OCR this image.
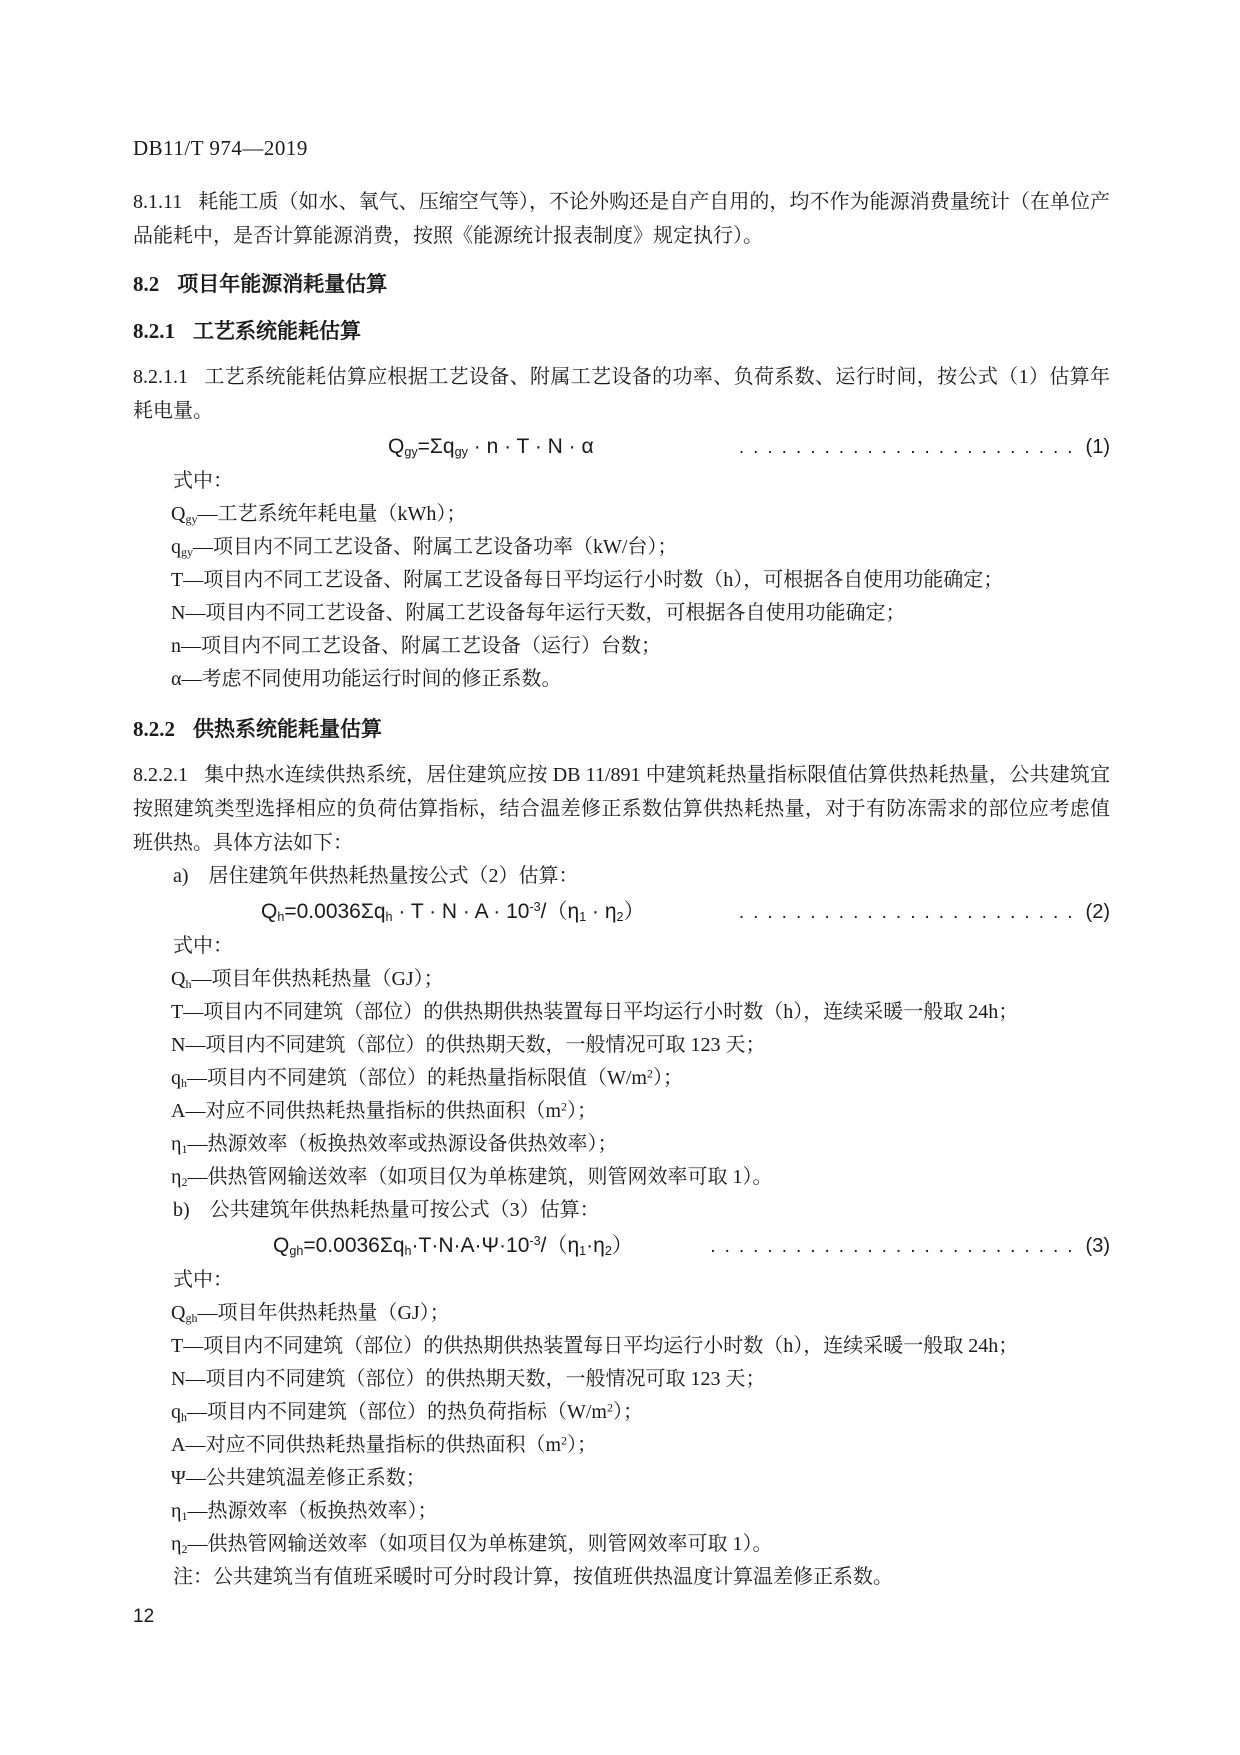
DB11/T 974—2019

8.1.11 耗能工质（如水、氧气、压缩空气等），不论外购还是自产自用的，均不作为能源消费量统计（在单位产品能耗中，是否计算能源消费，按照《能源统计报表制度》规定执行）。

8.2 项目年能源消耗量估算
8.2.1 工艺系统能耗估算

8.2.1.1 工艺系统能耗估算应根据工艺设备、附属工艺设备的功率、负荷系数、运行时间，按公式（1）估算年耗电量。

$Q_{gy}=\Sigma q_{gy} \cdot n \cdot T \cdot N \cdot \alpha$	........................ (1)
式中：
$Q_{gy}—$工艺系统年耗电量（kWh）；
$q_{gy}—$项目内不同工艺设备、附属工艺设备功率（kW/台）；
T—项目内不同工艺设备、附属工艺设备每日平均运行小时数（h），可根据各自使用功能确定；
N—项目内不同工艺设备、附属工艺设备每年运行天数，可根据各自使用功能确定；
n—项目内不同工艺设备、附属工艺设备（运行）台数；
α—考虑不同使用功能运行时间的修正系数。
8.2.2 供热系统能耗量估算

8.2.2.1 集中热水连续供热系统，居住建筑应按 DB 11/891 中建筑耗热量指标限值估算供热耗热量，公共建筑宜按照建筑类型选择相应的负荷估算指标，结合温差修正系数估算供热耗热量，对于有防冻需求的部位应考虑值班供热。具体方法如下：

a)　居住建筑年供热耗热量按公式（2）估算：
$Q_h=0.0036\Sigma q_h \cdot T \cdot N \cdot A \cdot 10^{-3}/(\eta_1 \cdot \eta_2)$	........................ (2)
式中：
$Q_h—$项目年供热耗热量（GJ）；
T—项目内不同建筑（部位）的供热期供热装置每日平均运行小时数（h），连续采暖一般取 24h；
N—项目内不同建筑（部位）的供热期天数，一般情况可取 123 天；
$q_h—$项目内不同建筑（部位）的耗热量指标限值$(W/m^2)$；
A—对应不同供热耗热量指标的供热面积$(m^2)$；
$\eta_1—$热源效率（板换热效率或热源设备供热效率）；
$\eta_2—$供热管网输送效率（如项目仅为单栋建筑，则管网效率可取 1）。
b)　公共建筑年供热耗热量可按公式（3）估算：
$Q_{gh}=0.0036\Sigma q_h\cdot T\cdot N\cdot A\cdot\Psi\cdot 10^{-3}/(\eta_1\cdot\eta_2)$	.......................... (3)
式中：
$Q_{gh}—$项目年供热耗热量（GJ）；
T—项目内不同建筑（部位）的供热期供热装置每日平均运行小时数（h），连续采暖一般取 24h；
N—项目内不同建筑（部位）的供热期天数，一般情况可取 123 天；
$q_h—$项目内不同建筑（部位）的热负荷指标$(W/m^2)$；
A—对应不同供热耗热量指标的供热面积$(m^2)$；
Ψ—公共建筑温差修正系数；
$\eta_1—$热源效率（板换热效率）；
$\eta_2—$供热管网输送效率（如项目仅为单栋建筑，则管网效率可取 1）。
注：公共建筑当有值班采暖时可分时段计算，按值班供热温度计算温差修正系数。
12
